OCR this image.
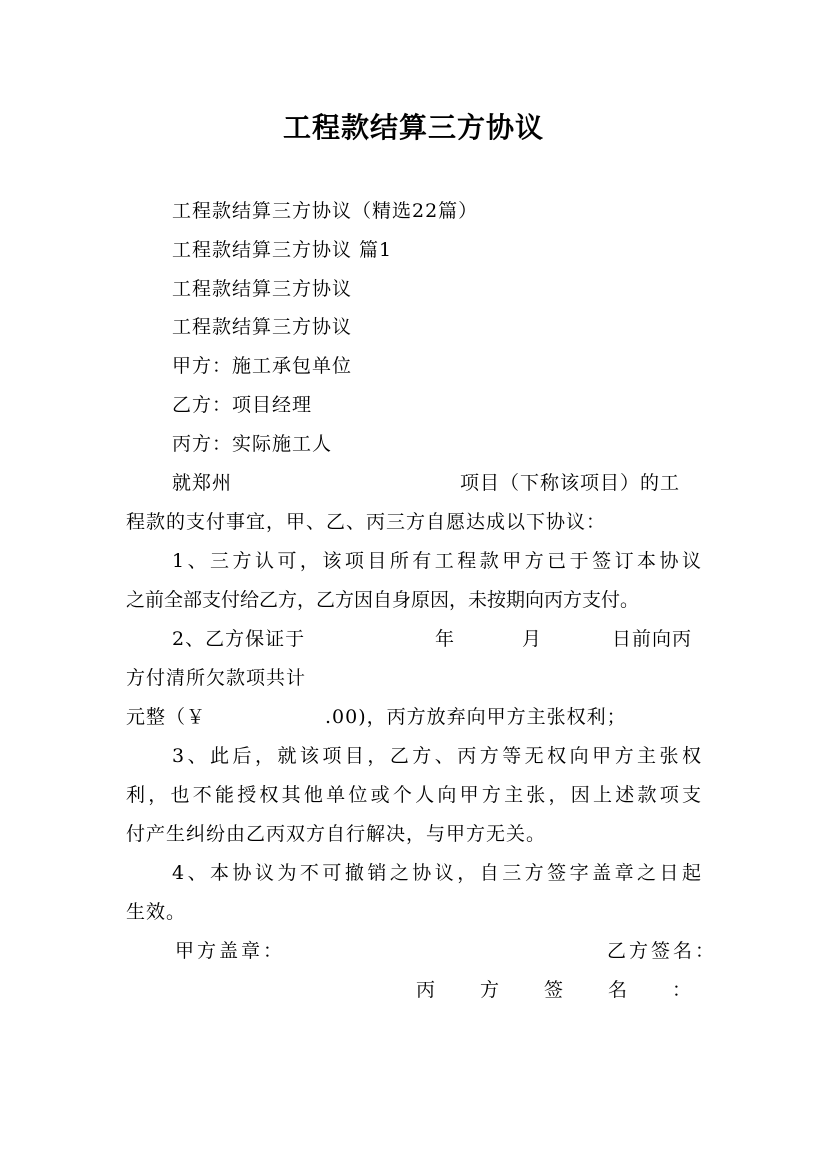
工程款结算三方协议
工程款结算三方协议（精选22篇）
工程款结算三方协议 篇1
工程款结算三方协议
工程款结算三方协议
甲方：施工承包单位
乙方：项目经理
丙方：实际施工人
就郑州	项目（下称该项目）的工
程款的支付事宜，甲、乙、丙三方自愿达成以下协议：
1、三方认可，该项目所有工程款甲方已于签订本协议
之前全部支付给乙方，乙方因自身原因，未按期向丙方支付。
2、乙方保证于	年	月	日前向丙
方付清所欠款项共计
元整（￥	.00)，丙方放弃向甲方主张权利；
3、此后，就该项目，乙方、丙方等无权向甲方主张权
利，也不能授权其他单位或个人向甲方主张，因上述款项支
付产生纠纷由乙丙双方自行解决，与甲方无关。
4、本协议为不可撤销之协议，自三方签字盖章之日起
生效。
甲方盖章：	乙方签名：
丙方签名：
